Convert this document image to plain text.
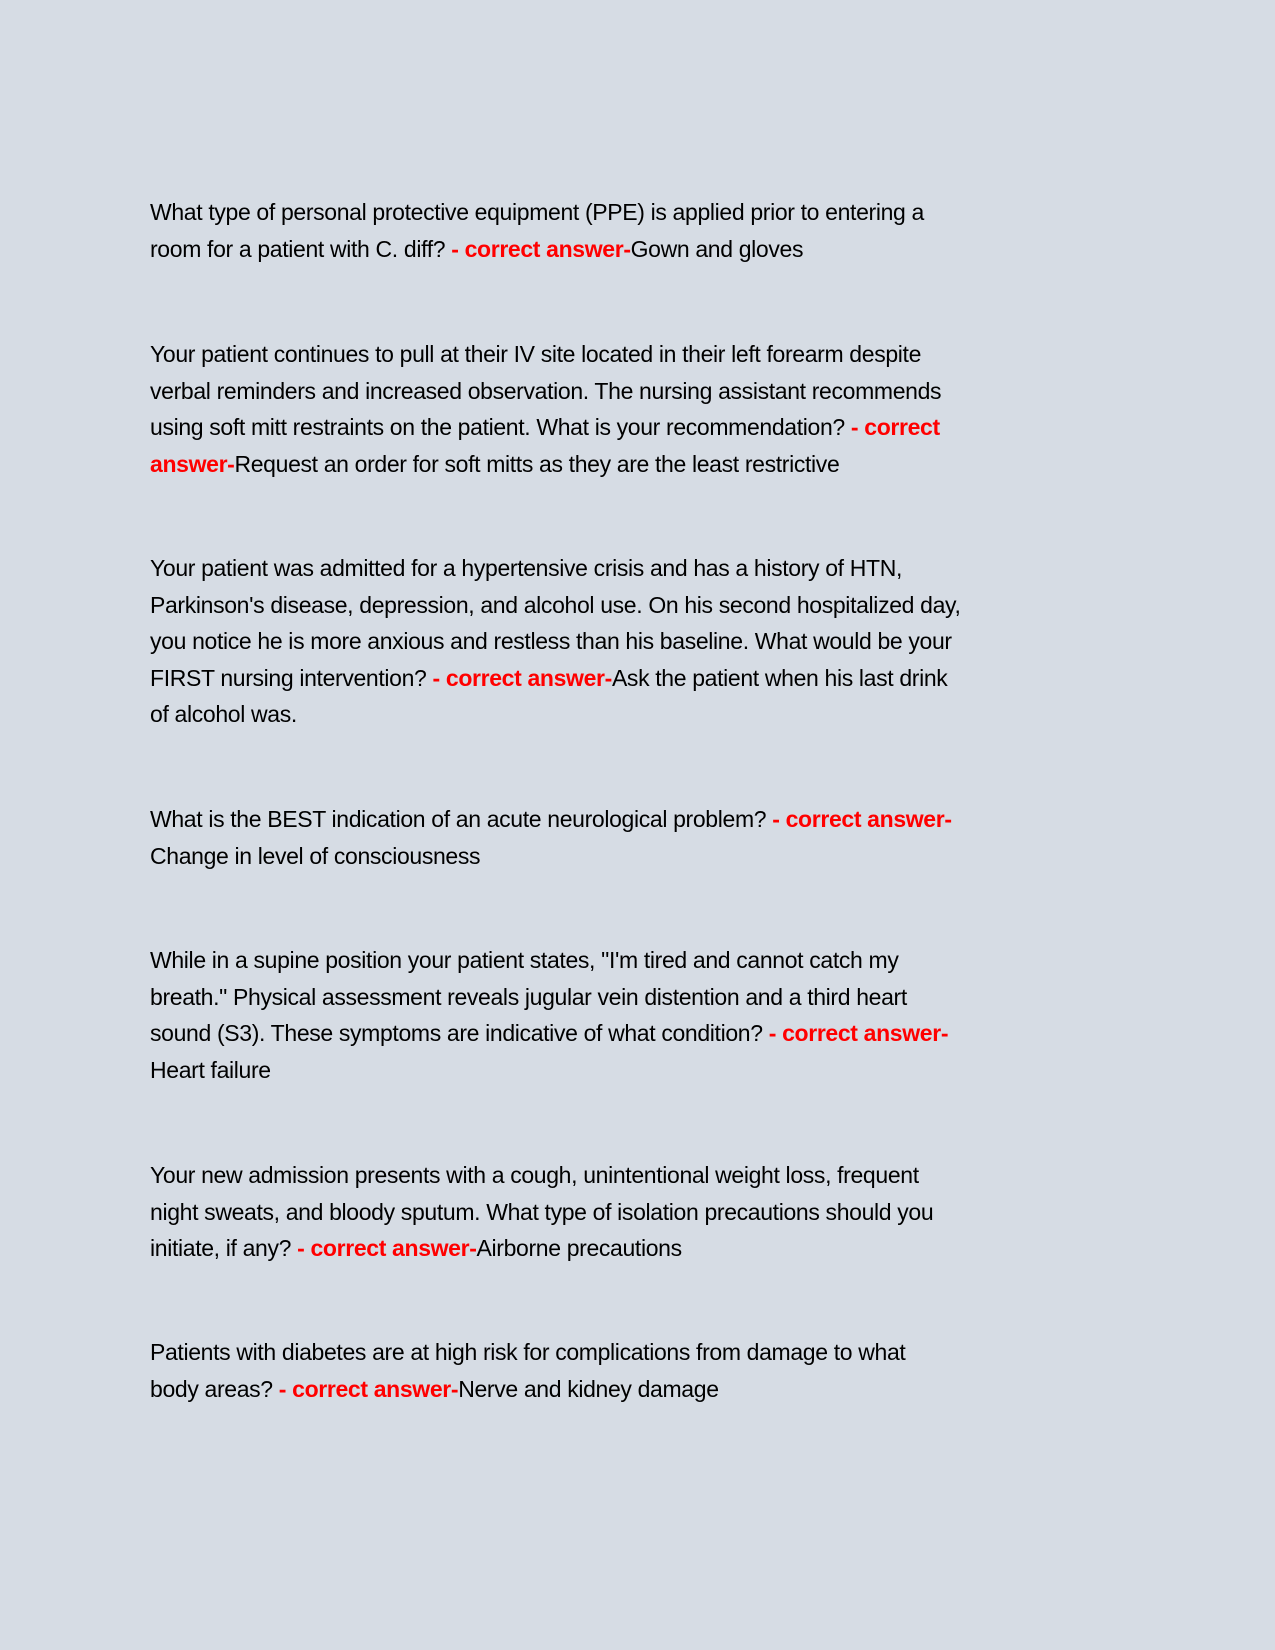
What type of personal protective equipment (PPE) is applied prior to entering a
room for a patient with C. diff? - correct answer-Gown and gloves
Your patient continues to pull at their IV site located in their left forearm despite
verbal reminders and increased observation. The nursing assistant recommends
using soft mitt restraints on the patient. What is your recommendation? - correct
answer-Request an order for soft mitts as they are the least restrictive
Your patient was admitted for a hypertensive crisis and has a history of HTN,
Parkinson's disease, depression, and alcohol use. On his second hospitalized day,
you notice he is more anxious and restless than his baseline. What would be your
FIRST nursing intervention? - correct answer-Ask the patient when his last drink
of alcohol was.
What is the BEST indication of an acute neurological problem? - correct answer-
Change in level of consciousness
While in a supine position your patient states, "I'm tired and cannot catch my
breath." Physical assessment reveals jugular vein distention and a third heart
sound (S3). These symptoms are indicative of what condition? - correct answer-
Heart failure
Your new admission presents with a cough, unintentional weight loss, frequent
night sweats, and bloody sputum. What type of isolation precautions should you
initiate, if any? - correct answer-Airborne precautions
Patients with diabetes are at high risk for complications from damage to what
body areas? - correct answer-Nerve and kidney damage
